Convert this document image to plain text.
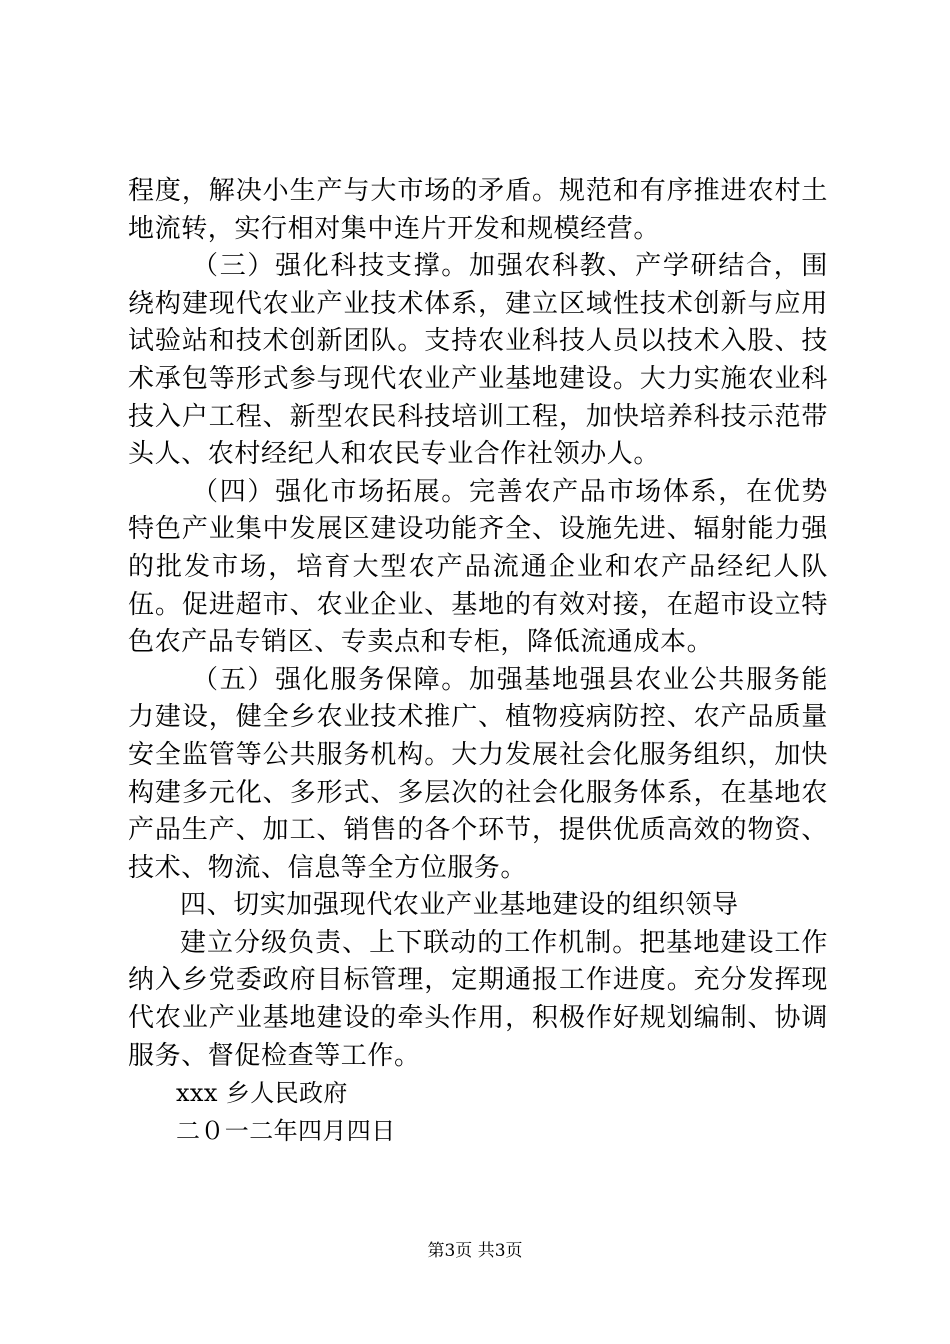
程度，解决小生产与大市场的矛盾。规范和有序推进农村土地流转，实行相对集中连片开发和规模经营。

（三）强化科技支撑。加强农科教、产学研结合，围绕构建现代农业产业技术体系，建立区域性技术创新与应用试验站和技术创新团队。支持农业科技人员以技术入股、技术承包等形式参与现代农业产业基地建设。大力实施农业科技入户工程、新型农民科技培训工程，加快培养科技示范带头人、农村经纪人和农民专业合作社领办人。

（四）强化市场拓展。完善农产品市场体系，在优势特色产业集中发展区建设功能齐全、设施先进、辐射能力强的批发市场，培育大型农产品流通企业和农产品经纪人队伍。促进超市、农业企业、基地的有效对接，在超市设立特色农产品专销区、专卖点和专柜，降低流通成本。

（五）强化服务保障。加强基地强县农业公共服务能力建设，健全乡农业技术推广、植物疫病防控、农产品质量安全监管等公共服务机构。大力发展社会化服务组织，加快构建多元化、多形式、多层次的社会化服务体系，在基地农产品生产、加工、销售的各个环节，提供优质高效的物资、技术、物流、信息等全方位服务。

四、切实加强现代农业产业基地建设的组织领导

建立分级负责、上下联动的工作机制。把基地建设工作纳入乡党委政府目标管理，定期通报工作进度。充分发挥现代农业产业基地建设的牵头作用，积极作好规划编制、协调服务、督促检查等工作。

xxx 乡人民政府

二０一二年四月四日

第3页 共3页
